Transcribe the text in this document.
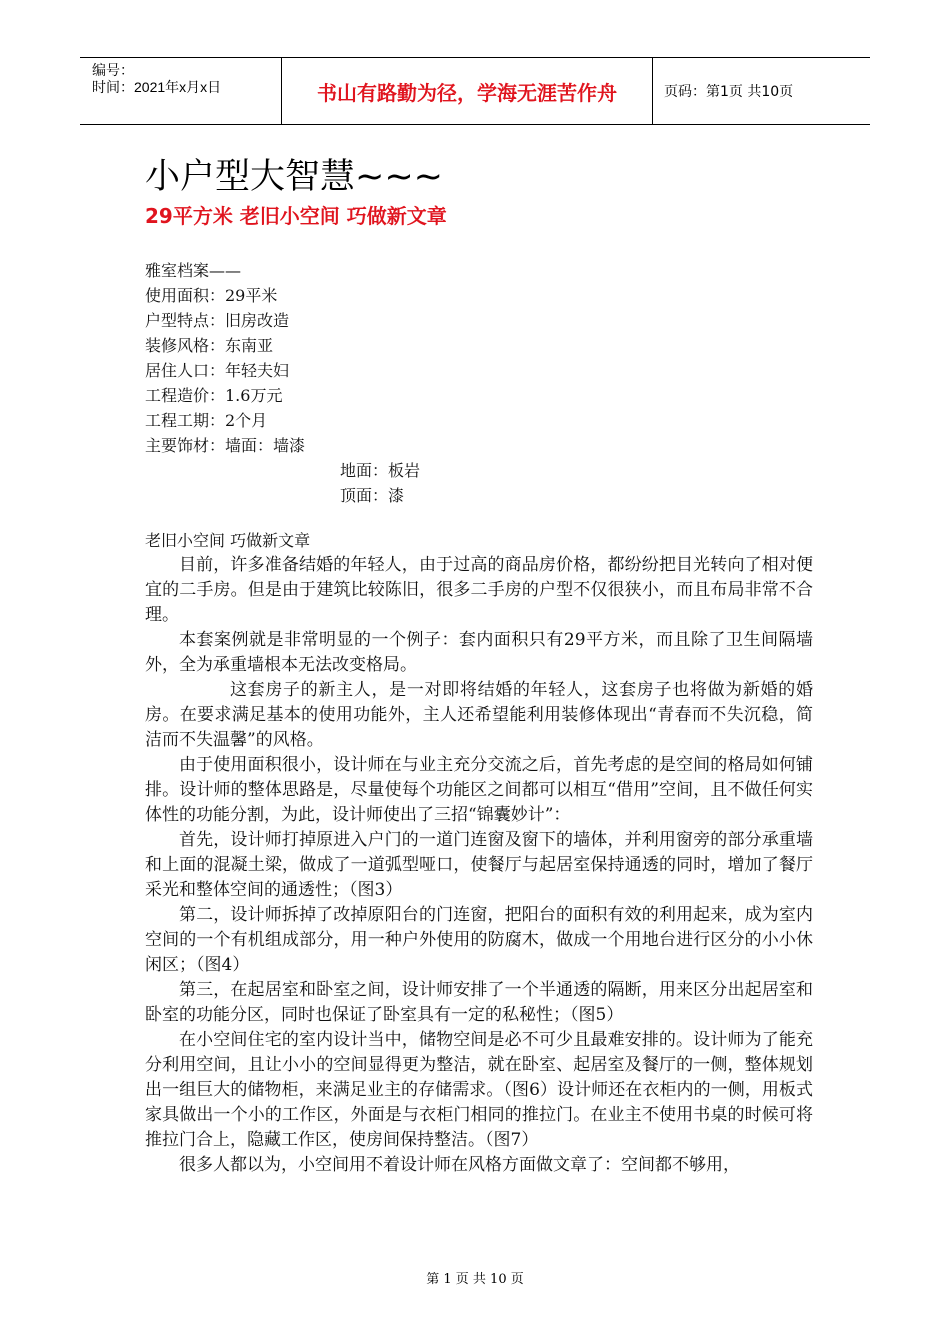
编号：
时间：2021年x月x日	书山有路勤为径，学海无涯苦作舟	页码：第1页 共10页
小户型大智慧~~~
29平方米 老旧小空间 巧做新文章
雅室档案——
使用面积：29平米
户型特点：旧房改造
装修风格：东南亚
居住人口：年轻夫妇
工程造价：1.6万元
工程工期：2个月
主要饰材：墙面：墙漆
地面：板岩
顶面：漆
老旧小空间 巧做新文章

目前，许多准备结婚的年轻人，由于过高的商品房价格，都纷纷把目光转向了相对便宜的二手房。但是由于建筑比较陈旧，很多二手房的户型不仅很狭小，而且布局非常不合理。

本套案例就是非常明显的一个例子：套内面积只有29平方米，而且除了卫生间隔墙外，全为承重墙根本无法改变格局。

这套房子的新主人，是一对即将结婚的年轻人，这套房子也将做为新婚的婚房。在要求满足基本的使用功能外，主人还希望能利用装修体现出“青春而不失沉稳，简洁而不失温馨”的风格。

由于使用面积很小，设计师在与业主充分交流之后，首先考虑的是空间的格局如何铺排。设计师的整体思路是，尽量使每个功能区之间都可以相互“借用”空间，且不做任何实体性的功能分割，为此，设计师使出了三招“锦囊妙计”：

首先，设计师打掉原进入户门的一道门连窗及窗下的墙体，并利用窗旁的部分承重墙和上面的混凝土梁，做成了一道弧型哑口，使餐厅与起居室保持通透的同时，增加了餐厅采光和整体空间的通透性；（图3）

第二，设计师拆掉了改掉原阳台的门连窗，把阳台的面积有效的利用起来，成为室内空间的一个有机组成部分，用一种户外使用的防腐木，做成一个用地台进行区分的小小休闲区；（图4）

第三，在起居室和卧室之间，设计师安排了一个半通透的隔断，用来区分出起居室和卧室的功能分区，同时也保证了卧室具有一定的私秘性；（图5）

在小空间住宅的室内设计当中，储物空间是必不可少且最难安排的。设计师为了能充分利用空间，且让小小的空间显得更为整洁，就在卧室、起居室及餐厅的一侧，整体规划出一组巨大的储物柜，来满足业主的存储需求。（图6）设计师还在衣柜内的一侧，用板式家具做出一个小的工作区，外面是与衣柜门相同的推拉门。在业主不使用书桌的时候可将推拉门合上，隐藏工作区，使房间保持整洁。（图7）

很多人都以为，小空间用不着设计师在风格方面做文章了：空间都不够用，

第 1 页 共 10 页
